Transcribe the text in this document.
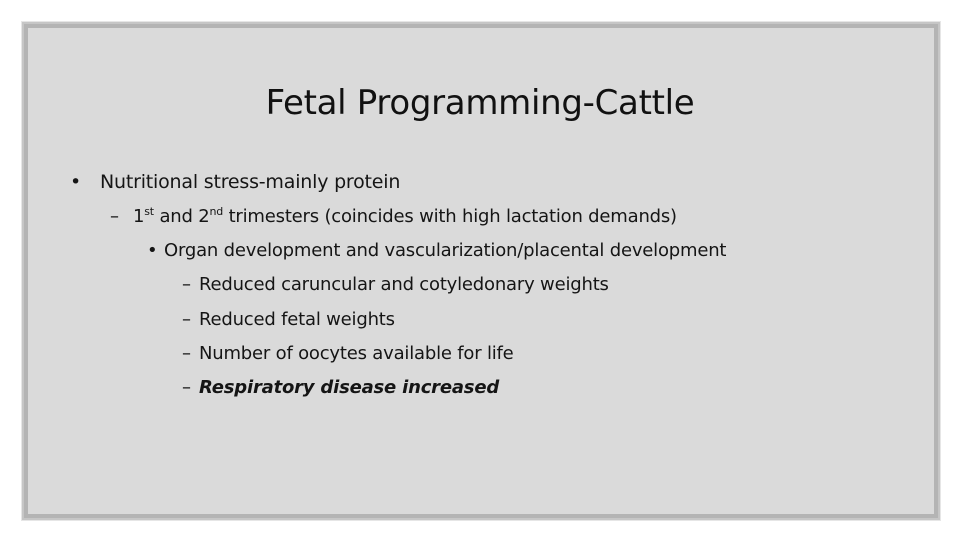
Fetal Programming-Cattle
• Nutritional stress-mainly protein
– 1st and 2nd trimesters (coincides with high lactation demands)
• Organ development and vascularization/placental development
– Reduced caruncular and cotyledonary weights
– Reduced fetal weights
– Number of oocytes available for life
– Respiratory disease increased
